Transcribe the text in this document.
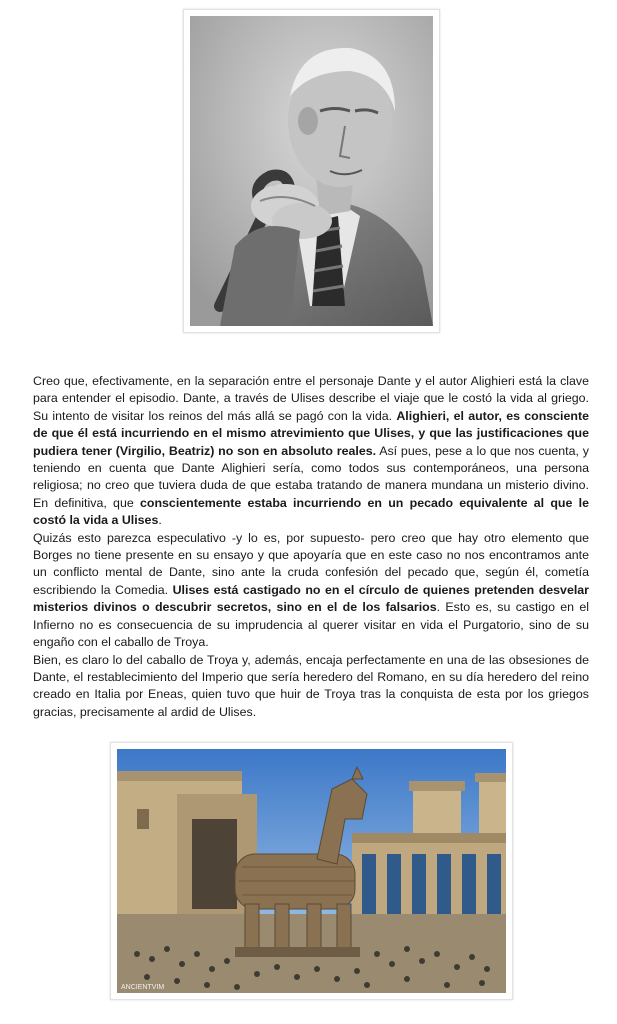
Creo que, efectivamente, en la separación entre el personaje Dante y el autor Alighieri está la clave para entender el episodio. Dante, a través de Ulises describe el viaje que le costó la vida al griego. Su intento de visitar los reinos del más allá se pagó con la vida. Alighieri, el autor, es consciente de que él está incurriendo en el mismo atrevimiento que Ulises, y que las justificaciones que pudiera tener (Virgilio, Beatriz) no son en absoluto reales. Así pues, pese a lo que nos cuenta, y teniendo en cuenta que Dante Alighieri sería, como todos sus contemporáneos, una persona religiosa; no creo que tuviera duda de que estaba tratando de manera mundana un misterio divino. En definitiva, que conscientemente estaba incurriendo en un pecado equivalente al que le costó la vida a Ulises.

Quizás esto parezca especulativo -y lo es, por supuesto- pero creo que hay otro elemento que Borges no tiene presente en su ensayo y que apoyaría que en este caso no nos encontramos ante un conflicto mental de Dante, sino ante la cruda confesión del pecado que, según él, cometía escribiendo la Comedia. Ulises está castigado no en el círculo de quienes pretenden desvelar misterios divinos o descubrir secretos, sino en el de los falsarios. Esto es, su castigo en el Infierno no es consecuencia de su imprudencia al querer visitar en vida el Purgatorio, sino de su engaño con el caballo de Troya.

Bien, es claro lo del caballo de Troya y, además, encaja perfectamente en una de las obsesiones de Dante, el restablecimiento del Imperio que sería heredero del Romano, en su día heredero del reino creado en Italia por Eneas, quien tuvo que huir de Troya tras la conquista de esta por los griegos gracias, precisamente al ardid de Ulises.

ANCIENTVIM
